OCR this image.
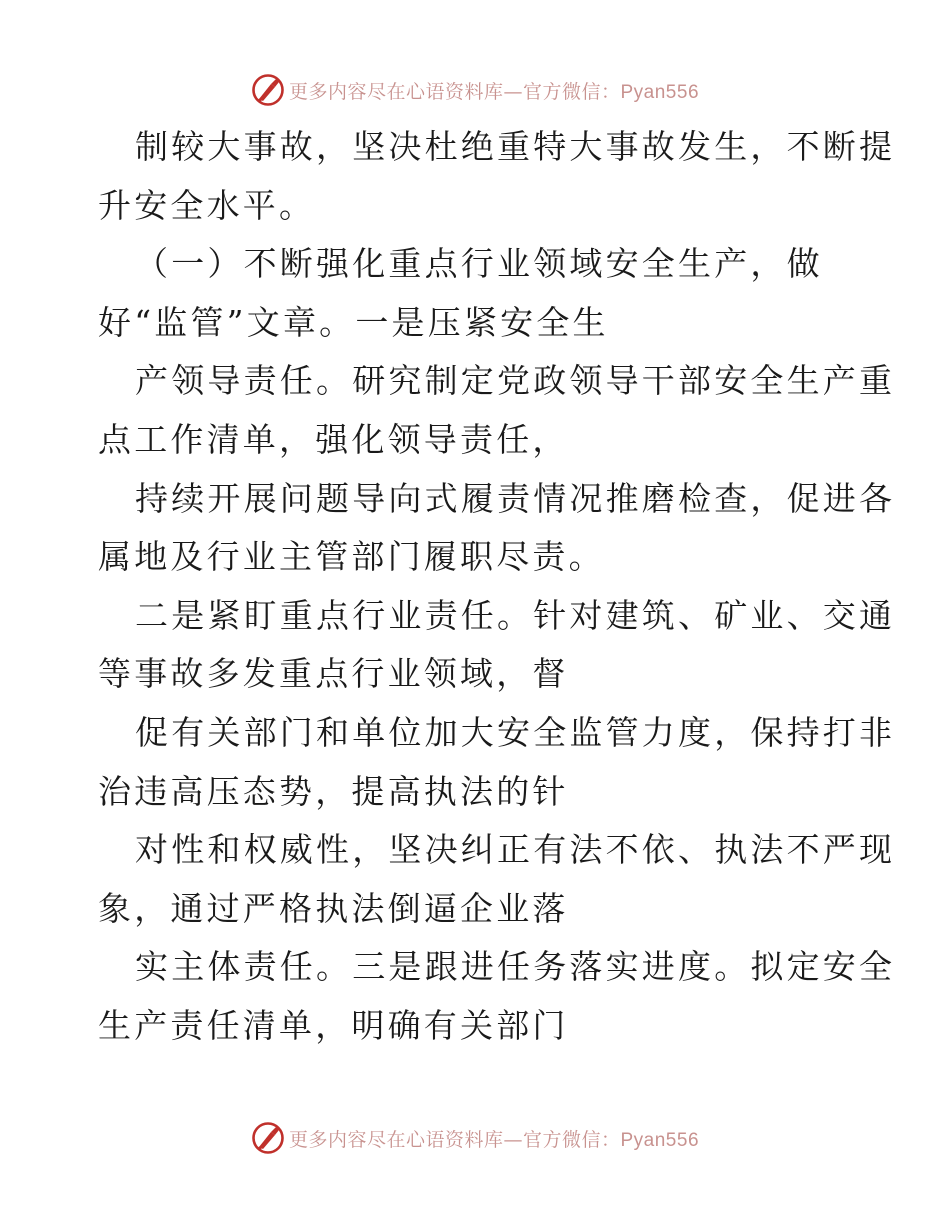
更多内容尽在心语资料库—官方微信：Pyan556
制较大事故，坚决杜绝重特大事故发生，不断提
升安全水平。
（一）不断强化重点行业领域安全生产，做
好“监管”文章。一是压紧安全生
产领导责任。研究制定党政领导干部安全生产重
点工作清单，强化领导责任，
持续开展问题导向式履责情况推磨检查，促进各
属地及行业主管部门履职尽责。
二是紧盯重点行业责任。针对建筑、矿业、交通
等事故多发重点行业领域，督
促有关部门和单位加大安全监管力度，保持打非
治违高压态势，提高执法的针
对性和权威性，坚决纠正有法不依、执法不严现
象，通过严格执法倒逼企业落
实主体责任。三是跟进任务落实进度。拟定安全
生产责任清单，明确有关部门
更多内容尽在心语资料库—官方微信：Pyan556
